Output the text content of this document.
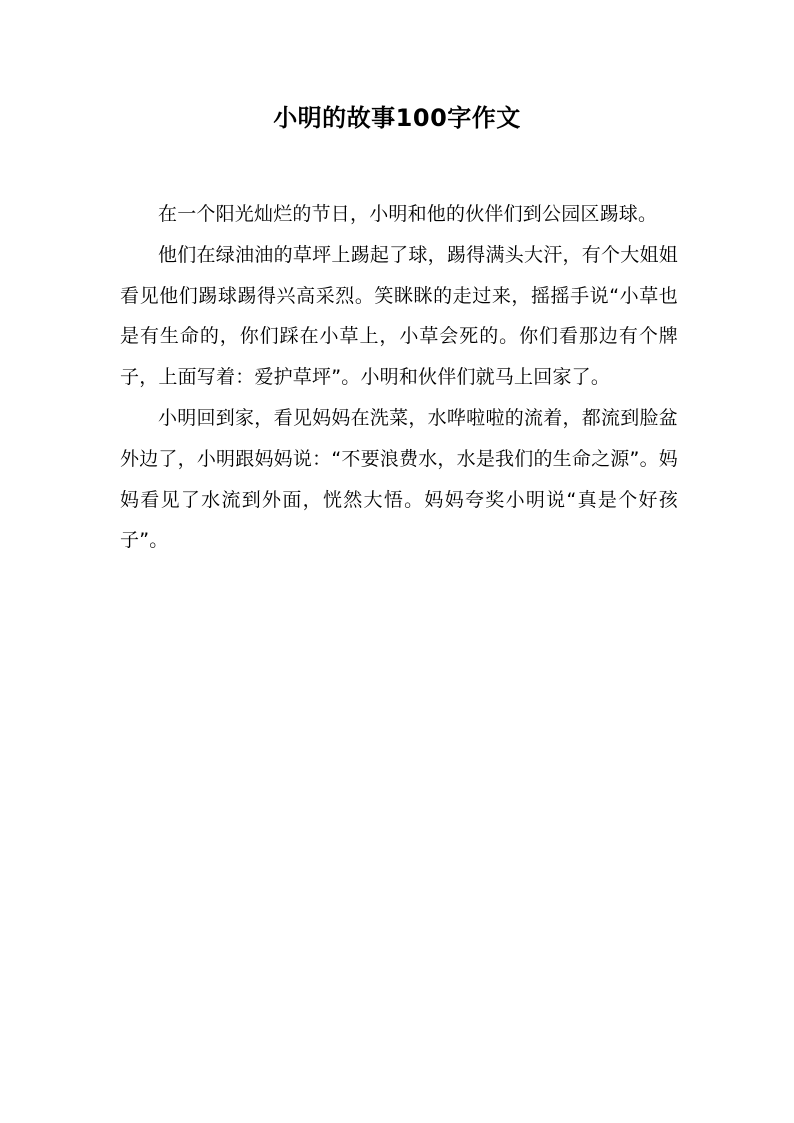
小明的故事100字作文

在一个阳光灿烂的节日，小明和他的伙伴们到公园区踢球。

他们在绿油油的草坪上踢起了球，踢得满头大汗，有个大姐姐看见他们踢球踢得兴高采烈。笑眯眯的走过来，摇摇手说“小草也是有生命的，你们踩在小草上，小草会死的。你们看那边有个牌子，上面写着：爱护草坪”。小明和伙伴们就马上回家了。

小明回到家，看见妈妈在洗菜，水哗啦啦的流着，都流到脸盆外边了，小明跟妈妈说：“不要浪费水，水是我们的生命之源”。妈妈看见了水流到外面，恍然大悟。妈妈夸奖小明说“真是个好孩子”。
